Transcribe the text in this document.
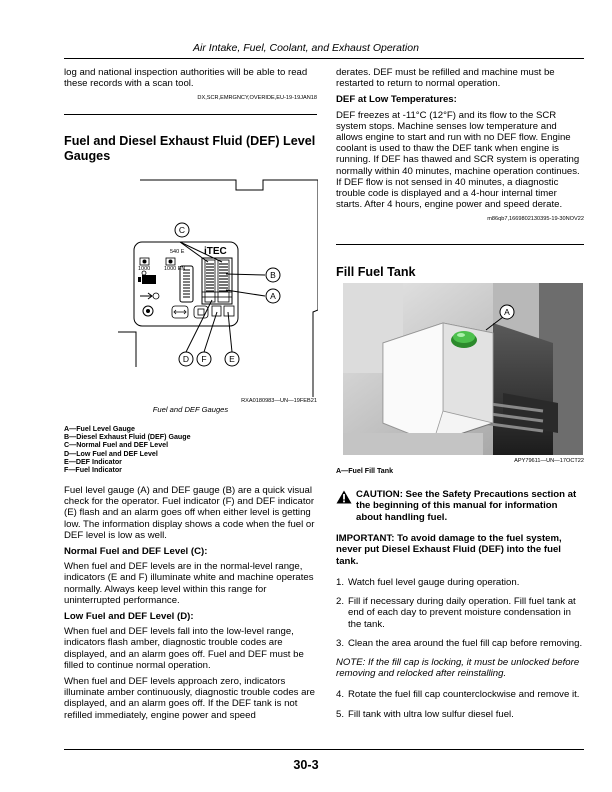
Air Intake, Fuel, Coolant, and Exhaust Operation

log and national inspection authorities will be able to read these records with a scan tool.

DX,SCR,EMRGNCY,OVERIDE,EU-19-19JAN18
Fuel and Diesel Exhaust Fluid (DEF) Level Gauges
540 E
1000	1000 EN
iTEC
C
B
A
D	F	E
RXA0180983—UN—19FEB21
Fuel and DEF Gauges
A—Fuel Level Gauge
B—Diesel Exhaust Fluid (DEF) Gauge
C—Normal Fuel and DEF Level
D—Low Fuel and DEF Level
E—DEF Indicator
F—Fuel Indicator

Fuel level gauge (A) and DEF gauge (B) are a quick visual check for the operator. Fuel indicator (F) and DEF indicator (E) flash and an alarm goes off when either level is getting low. The information display shows a code when the fuel or DEF level is low as well.

Normal Fuel and DEF Level (C):

When fuel and DEF levels are in the normal-level range, indicators (E and F) illuminate white and machine operates normally. Always keep level within this range for uninterrupted performance.

Low Fuel and DEF Level (D):

When fuel and DEF levels fall into the low-level range, indicators flash amber, diagnostic trouble codes are displayed, and an alarm goes off. Fuel and DEF must be filled to continue normal operation.

When fuel and DEF levels approach zero, indicators illuminate amber continuously, diagnostic trouble codes are displayed, and an alarm goes off. If the DEF tank is not refilled immediately, engine power and speed

derates. DEF must be refilled and machine must be restarted to return to normal operation.

DEF at Low Temperatures:

DEF freezes at -11°C (12°F) and its flow to the SCR system stops. Machine senses low temperature and allows engine to start and run with no DEF flow. Engine coolant is used to thaw the DEF tank when engine is running. If DEF has thawed and SCR system is operating normally within 40 minutes, machine operation continues. If DEF flow is not sensed in 40 minutes, a diagnostic trouble code is displayed and a 4-hour internal timer starts. After 4 hours, engine power and speed derate.

m86qb7,1669802130395-19-30NOV22
Fill Fuel Tank
A
APY79611—UN—17OCT22
A—Fuel Fill Tank
CAUTION: See the Safety Precautions section at the beginning of this manual for information about handling fuel.
IMPORTANT: To avoid damage to the fuel system, never put Diesel Exhaust Fluid (DEF) into the fuel tank.
1. Watch fuel level gauge during operation.
2. Fill if necessary during daily operation. Fill fuel tank at end of each day to prevent moisture condensation in the tank.
3. Clean the area around the fuel fill cap before removing.

NOTE: If the fill cap is locking, it must be unlocked before removing and relocked after reinstalling.

4. Rotate the fuel fill cap counterclockwise and remove it.
5. Fill tank with ultra low sulfur diesel fuel.
30-3
